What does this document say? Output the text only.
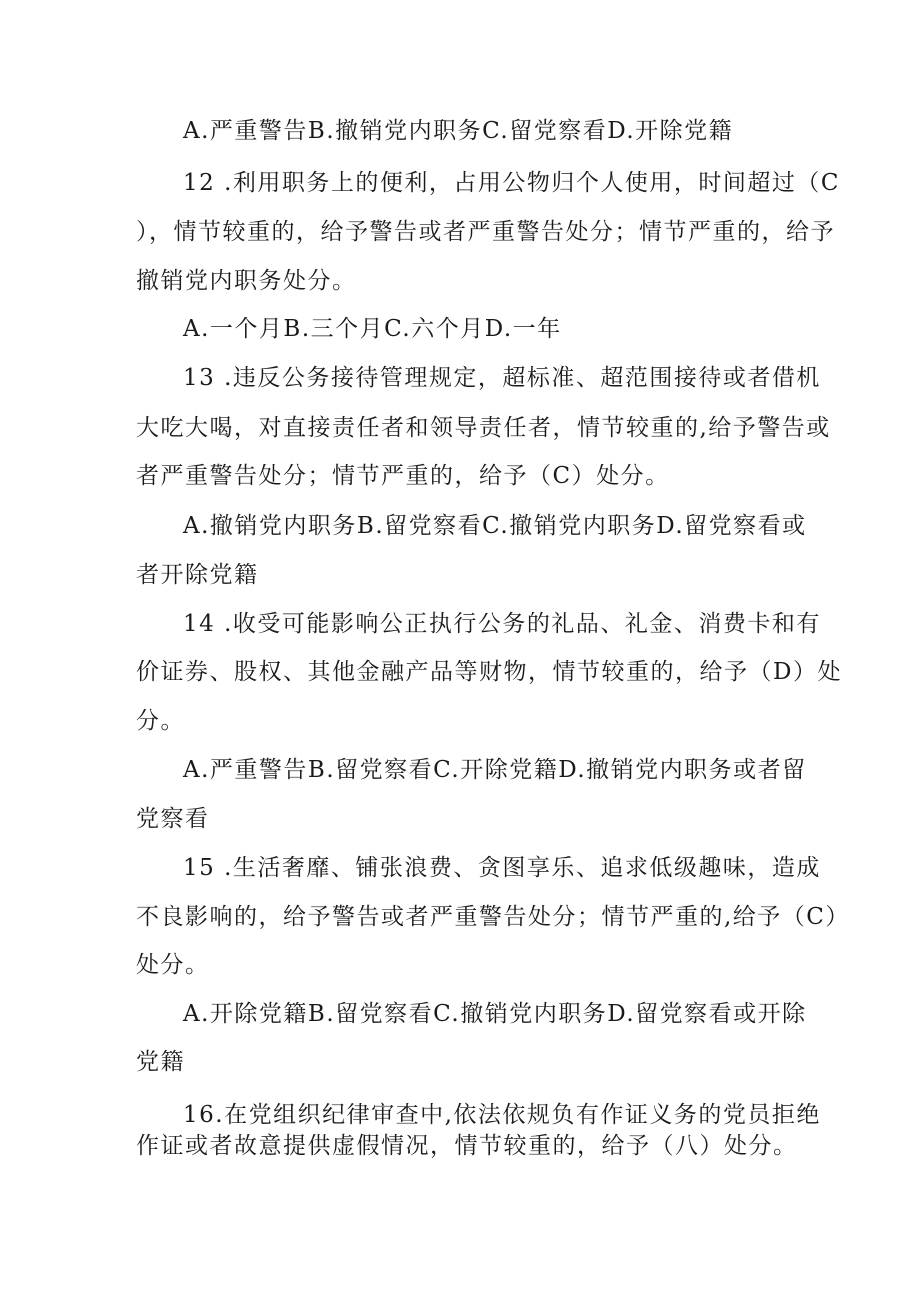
A.严重警告B.撤销党内职务C.留党察看D.开除党籍
12 .利用职务上的便利，占用公物归个人使用，时间超过（C
），情节较重的，给予警告或者严重警告处分；情节严重的，给予
撤销党内职务处分。
A.一个月B.三个月C.六个月D.一年
13 .违反公务接待管理规定，超标准、超范围接待或者借机
大吃大喝，对直接责任者和领导责任者，情节较重的,给予警告或
者严重警告处分；情节严重的，给予（C）处分。
A.撤销党内职务B.留党察看C.撤销党内职务D.留党察看或
者开除党籍
14 .收受可能影响公正执行公务的礼品、礼金、消费卡和有
价证券、股权、其他金融产品等财物，情节较重的，给予（D）处
分。
A.严重警告B.留党察看C.开除党籍D.撤销党内职务或者留
党察看
15 .生活奢靡、铺张浪费、贪图享乐、追求低级趣味，造成
不良影响的，给予警告或者严重警告处分；情节严重的,给予（C）
处分。
A.开除党籍B.留党察看C.撤销党内职务D.留党察看或开除
党籍
16.在党组织纪律审查中,依法依规负有作证义务的党员拒绝
作证或者故意提供虚假情况，情节较重的，给予（八）处分。
